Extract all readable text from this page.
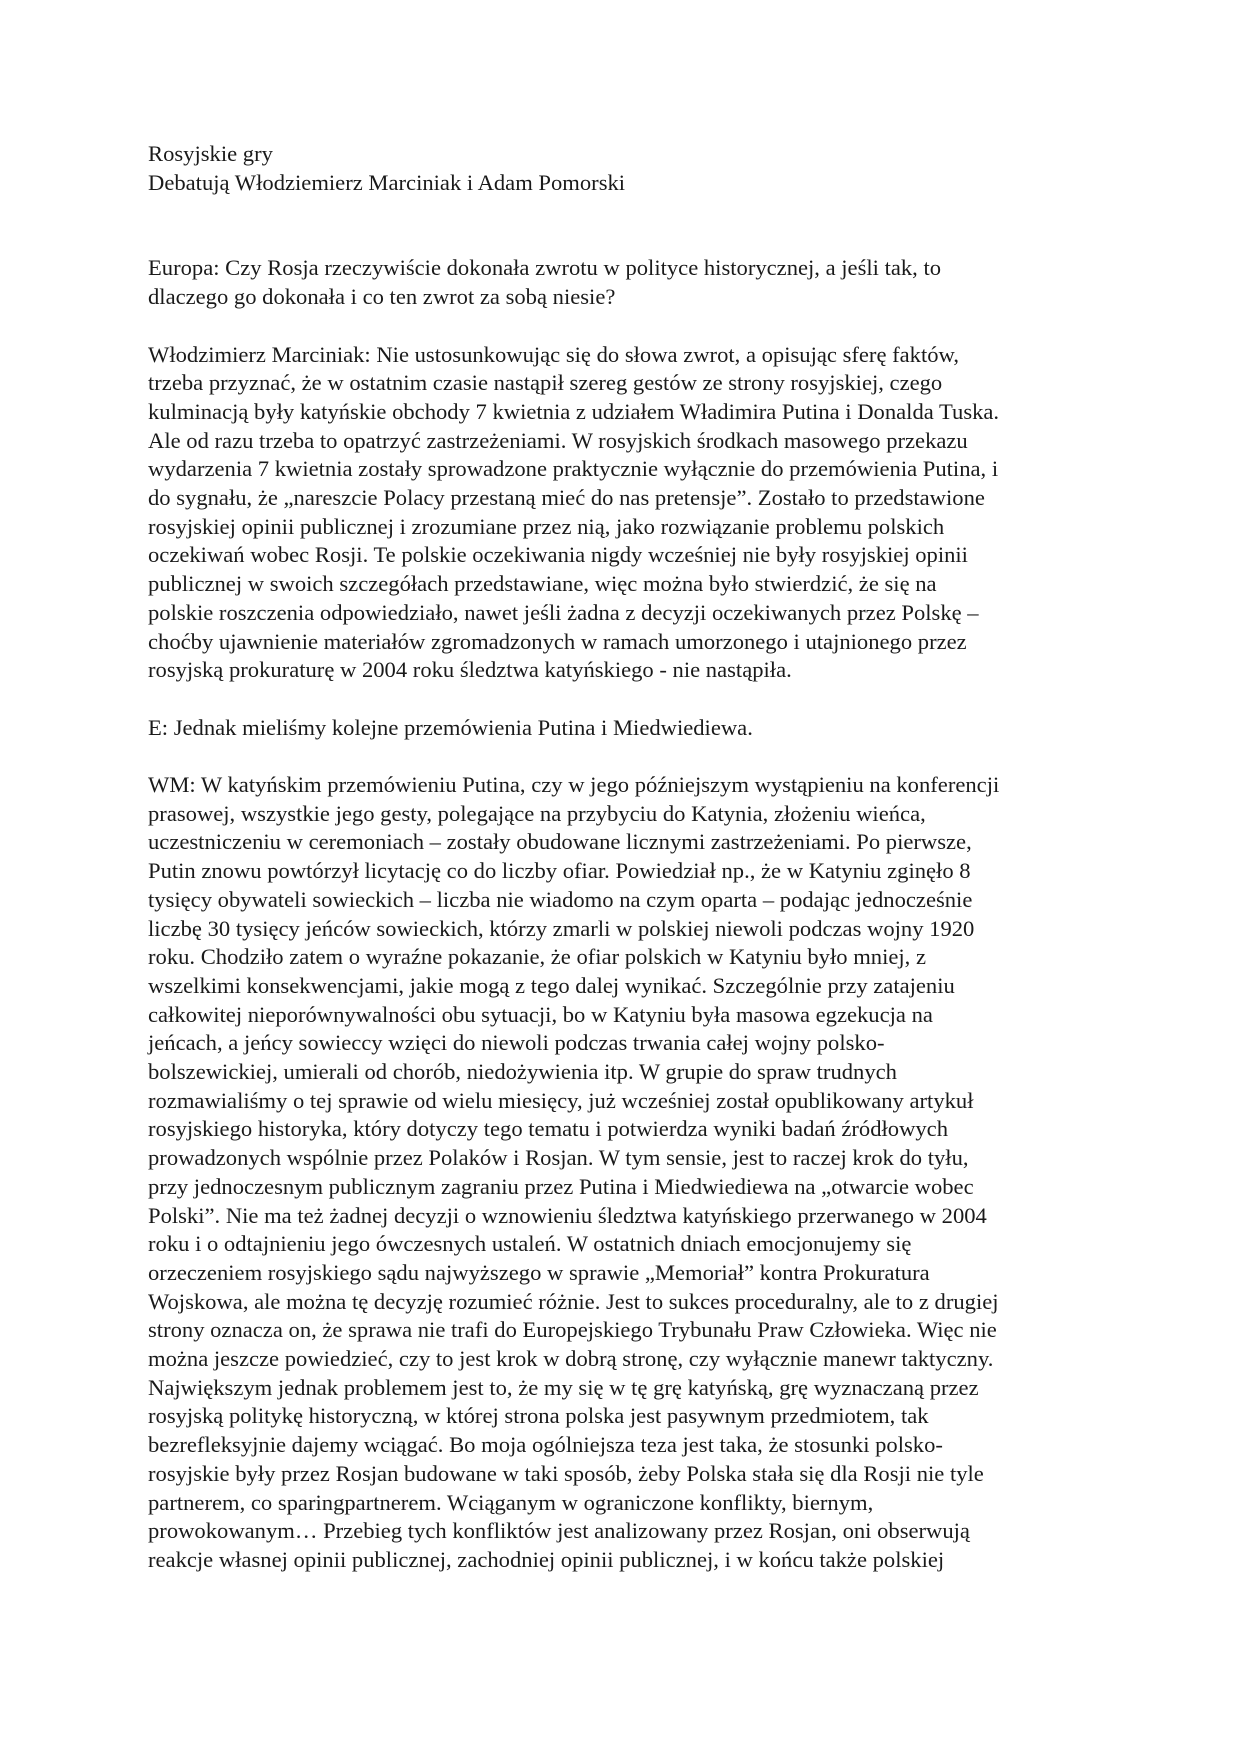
Rosyjskie gry
Debatują Włodziemierz Marciniak i Adam Pomorski
Europa: Czy Rosja rzeczywiście dokonała zwrotu w polityce historycznej, a jeśli tak, to
dlaczego go dokonała i co ten zwrot za sobą niesie?
Włodzimierz Marciniak: Nie ustosunkowując się do słowa zwrot, a opisując sferę faktów,
trzeba przyznać, że w ostatnim czasie nastąpił szereg gestów ze strony rosyjskiej, czego
kulminacją były katyńskie obchody 7 kwietnia z udziałem Władimira Putina i Donalda Tuska.
Ale od razu trzeba to opatrzyć zastrzeżeniami. W rosyjskich środkach masowego przekazu
wydarzenia 7 kwietnia zostały sprowadzone praktycznie wyłącznie do przemówienia Putina, i
do sygnału, że „nareszcie Polacy przestaną mieć do nas pretensje”. Zostało to przedstawione
rosyjskiej opinii publicznej i zrozumiane przez nią, jako rozwiązanie problemu polskich
oczekiwań wobec Rosji. Te polskie oczekiwania nigdy wcześniej nie były rosyjskiej opinii
publicznej w swoich szczegółach przedstawiane, więc można było stwierdzić, że się na
polskie roszczenia odpowiedziało, nawet jeśli żadna z decyzji oczekiwanych przez Polskę –
choćby ujawnienie materiałów zgromadzonych w ramach umorzonego i utajnionego przez
rosyjską prokuraturę w 2004 roku śledztwa katyńskiego - nie nastąpiła.
E: Jednak mieliśmy kolejne przemówienia Putina i Miedwiediewa.
WM: W katyńskim przemówieniu Putina, czy w jego późniejszym wystąpieniu na konferencji
prasowej, wszystkie jego gesty, polegające na przybyciu do Katynia, złożeniu wieńca,
uczestniczeniu w ceremoniach – zostały obudowane licznymi zastrzeżeniami. Po pierwsze,
Putin znowu powtórzył licytację co do liczby ofiar. Powiedział np., że w Katyniu zginęło 8
tysięcy obywateli sowieckich – liczba nie wiadomo na czym oparta – podając jednocześnie
liczbę 30 tysięcy jeńców sowieckich, którzy zmarli w polskiej niewoli podczas wojny 1920
roku. Chodziło zatem o wyraźne pokazanie, że ofiar polskich w Katyniu było mniej, z
wszelkimi konsekwencjami, jakie mogą z tego dalej wynikać. Szczególnie przy zatajeniu
całkowitej nieporównywalności obu sytuacji, bo w Katyniu była masowa egzekucja na
jeńcach, a jeńcy sowieccy wzięci do niewoli podczas trwania całej wojny polsko-
bolszewickiej, umierali od chorób, niedożywienia itp. W grupie do spraw trudnych
rozmawialiśmy o tej sprawie od wielu miesięcy, już wcześniej został opublikowany artykuł
rosyjskiego historyka, który dotyczy tego tematu i potwierdza wyniki badań źródłowych
prowadzonych wspólnie przez Polaków i Rosjan. W tym sensie, jest to raczej krok do tyłu,
przy jednoczesnym publicznym zagraniu przez Putina i Miedwiediewa na „otwarcie wobec
Polski”. Nie ma też żadnej decyzji o wznowieniu śledztwa katyńskiego przerwanego w 2004
roku i o odtajnieniu jego ówczesnych ustaleń. W ostatnich dniach emocjonujemy się
orzeczeniem rosyjskiego sądu najwyższego w sprawie „Memoriał” kontra Prokuratura
Wojskowa, ale można tę decyzję rozumieć różnie. Jest to sukces proceduralny, ale to z drugiej
strony oznacza on, że sprawa nie trafi do Europejskiego Trybunału Praw Człowieka. Więc nie
można jeszcze powiedzieć, czy to jest krok w dobrą stronę, czy wyłącznie manewr taktyczny.
Największym jednak problemem jest to, że my się w tę grę katyńską, grę wyznaczaną przez
rosyjską politykę historyczną, w której strona polska jest pasywnym przedmiotem, tak
bezrefleksyjnie dajemy wciągać. Bo moja ogólniejsza teza jest taka, że stosunki polsko-
rosyjskie były przez Rosjan budowane w taki sposób, żeby Polska stała się dla Rosji nie tyle
partnerem, co sparingpartnerem. Wciąganym w ograniczone konflikty, biernym,
prowokowanym… Przebieg tych konfliktów jest analizowany przez Rosjan, oni obserwują
reakcje własnej opinii publicznej, zachodniej opinii publicznej, i w końcu także polskiej
